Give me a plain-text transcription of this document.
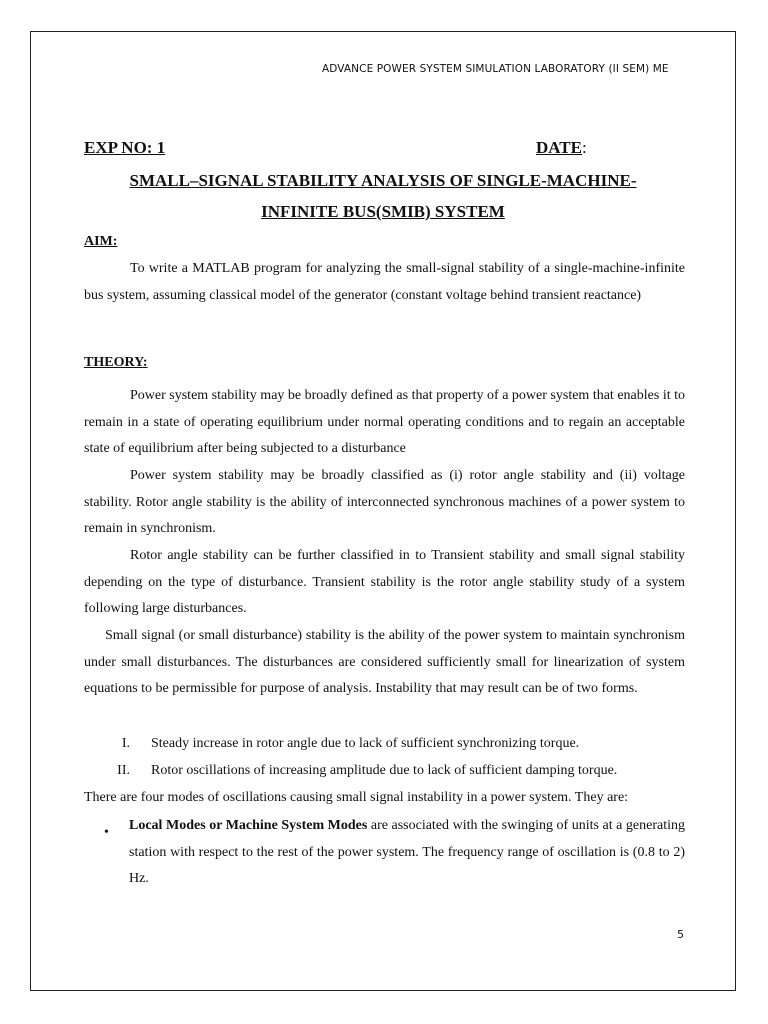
ADVANCE POWER SYSTEM SIMULATION LABORATORY (II SEM) ME
EXP NO: 1	DATE:
SMALL–SIGNAL STABILITY ANALYSIS OF SINGLE-MACHINE-
INFINITE BUS(SMIB) SYSTEM
AIM:
To write a MATLAB program for analyzing the small-signal stability of a single-machine-infinite bus system, assuming classical model of the generator (constant voltage behind transient reactance)
THEORY:
Power system stability may be broadly defined as that property of a power system that enables it to remain in a state of operating equilibrium under normal operating conditions and to regain an acceptable state of equilibrium after being subjected to a disturbance
Power system stability may be broadly classified as (i) rotor angle stability and (ii) voltage stability. Rotor angle stability is the ability of interconnected synchronous machines of a power system to remain in synchronism.
Rotor angle stability can be further classified in to Transient stability and small signal stability depending on the type of disturbance. Transient stability is the rotor angle stability study of a system following large disturbances.
Small signal (or small disturbance) stability is the ability of the power system to maintain synchronism under small disturbances. The disturbances are considered sufficiently small for linearization of system equations to be permissible for purpose of analysis. Instability that may result can be of two forms.
I. Steady increase in rotor angle due to lack of sufficient synchronizing torque.
II. Rotor oscillations of increasing amplitude due to lack of sufficient damping torque.
There are four modes of oscillations causing small signal instability in a power system. They are:
• Local Modes or Machine System Modes are associated with the swinging of units at a generating station with respect to the rest of the power system. The frequency range of oscillation is (0.8 to 2) Hz.
5
